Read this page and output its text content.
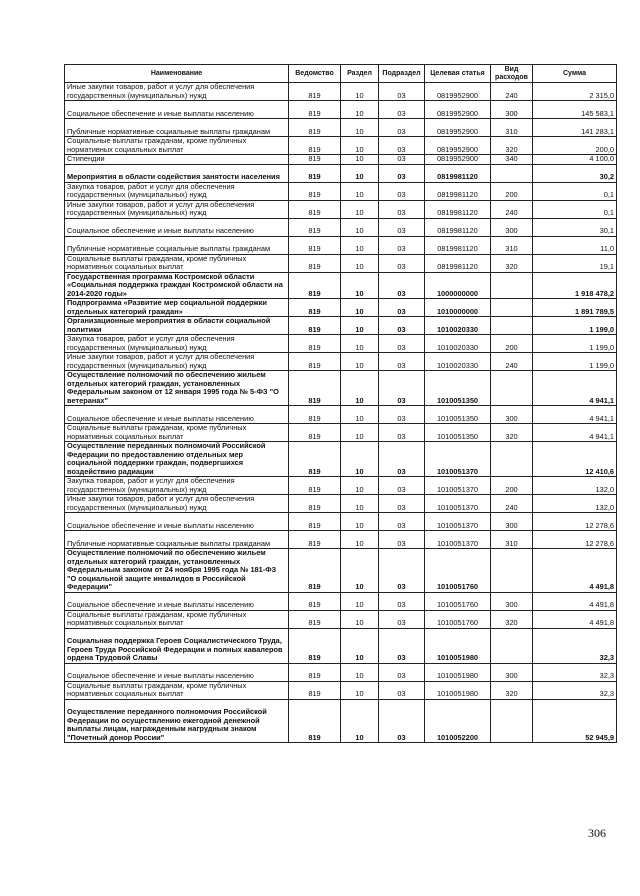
Наименование	Ведомство	Раздел	Подраздел	Целевая статья	Вид расходов	Сумма
Иные закупки товаров, работ и услуг для обеспечения государственных (муниципальных) нужд	819	10	03	0819952900	240	2 315,0
Социальное обеспечение и иные выплаты населению	819	10	03	0819952900	300	145 583,1
Публичные нормативные социальные выплаты гражданам	819	10	03	0819952900	310	141 283,1
Социальные выплаты гражданам, кроме публичных нормативных социальных выплат	819	10	03	0819952900	320	200,0
Стипендии	819	10	03	0819952900	340	4 100,0
Мероприятия в области содействия занятости населения	819	10	03	0819981120		30,2
Закупка товаров, работ и услуг для обеспечения государственных (муниципальных) нужд	819	10	03	0819981120	200	0,1
Иные закупки товаров, работ и услуг для обеспечения государственных (муниципальных) нужд	819	10	03	0819981120	240	0,1
Социальное обеспечение и иные выплаты населению	819	10	03	0819981120	300	30,1
Публичные нормативные социальные выплаты гражданам	819	10	03	0819981120	310	11,0
Социальные выплаты гражданам, кроме публичных нормативных социальных выплат	819	10	03	0819981120	320	19,1
Государственная программа Костромской области «Социальная поддержка граждан Костромской области на 2014-2020 годы»	819	10	03	1000000000		1 918 478,2
Подпрограмма «Развитие мер социальной поддержки отдельных категорий граждан»	819	10	03	1010000000		1 891 789,5
Организационные мероприятия в области социальной политики	819	10	03	1010020330		1 199,0
Закупка товаров, работ и услуг для обеспечения государственных (муниципальных) нужд	819	10	03	1010020330	200	1 199,0
Иные закупки товаров, работ и услуг для обеспечения государственных (муниципальных) нужд	819	10	03	1010020330	240	1 199,0
Осуществление полномочий по обеспечению жильем отдельных категорий граждан, установленных Федеральным законом от 12 января 1995 года № 5-ФЗ "О ветеранах"	819	10	03	1010051350		4 941,1
Социальное обеспечение и иные выплаты населению	819	10	03	1010051350	300	4 941,1
Социальные выплаты гражданам, кроме публичных нормативных социальных выплат	819	10	03	1010051350	320	4 941,1
Осуществление переданных полномочий Российской Федерации по предоставлению отдельных мер социальной поддержки граждан, подвергшихся воздействию радиации	819	10	03	1010051370		12 410,6
Закупка товаров, работ и услуг для обеспечения государственных (муниципальных) нужд	819	10	03	1010051370	200	132,0
Иные закупки товаров, работ и услуг для обеспечения государственных (муниципальных) нужд	819	10	03	1010051370	240	132,0
Социальное обеспечение и иные выплаты населению	819	10	03	1010051370	300	12 278,6
Публичные нормативные социальные выплаты гражданам	819	10	03	1010051370	310	12 278,6
Осуществление полномочий по обеспечению жильем отдельных категорий граждан, установленных Федеральным законом от 24 ноября 1995 года № 181-ФЗ "О социальной защите инвалидов в Российской Федерации"	819	10	03	1010051760		4 491,8
Социальное обеспечение и иные выплаты населению	819	10	03	1010051760	300	4 491,8
Социальные выплаты гражданам, кроме публичных нормативных социальных выплат	819	10	03	1010051760	320	4 491,8
Социальная поддержка Героев Социалистического Труда, Героев Труда Российской Федерации и полных кавалеров ордена Трудовой Славы	819	10	03	1010051980		32,3
Социальное обеспечение и иные выплаты населению	819	10	03	1010051980	300	32,3
Социальные выплаты гражданам, кроме публичных нормативных социальных выплат	819	10	03	1010051980	320	32,3
Осуществление переданного полномочия Российской Федерации по осуществлению ежегодной денежной выплаты лицам, награжденным нагрудным знаком "Почетный донор России"	819	10	03	1010052200		52 945,9
306
